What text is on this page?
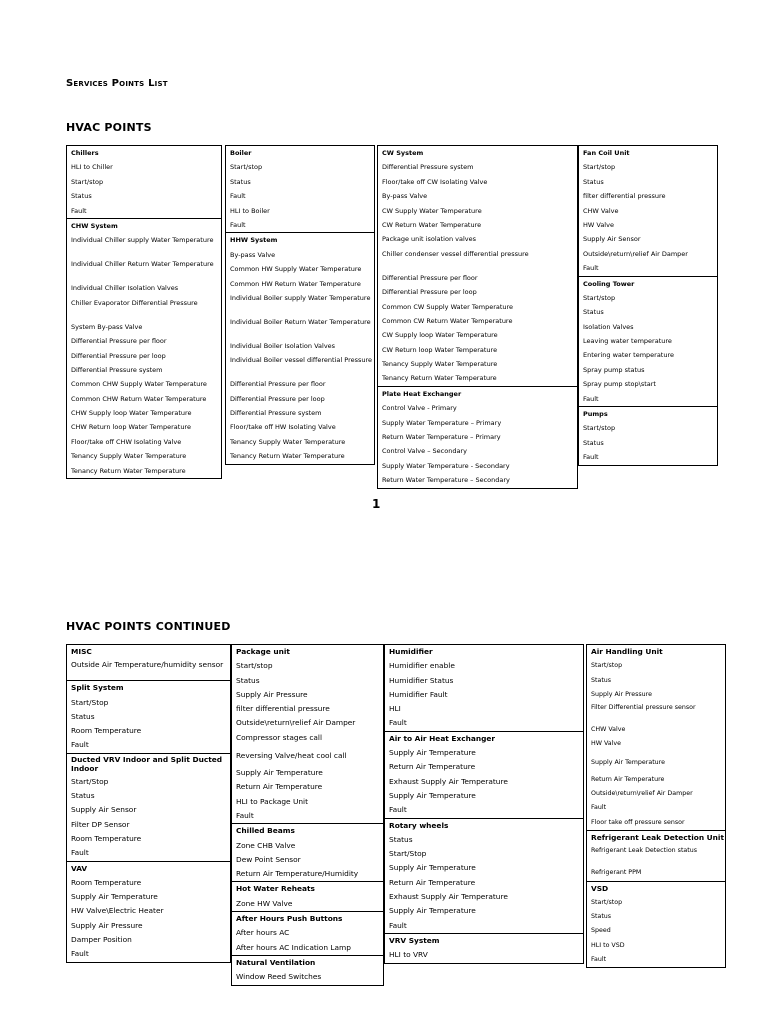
Services Points List
HVAC POINTS
Chillers
HLI to Chiller
Start/stop
Status
Fault
CHW System
Individual Chiller supply Water Temperature
Individual Chiller Return Water Temperature
Individual Chiller Isolation Valves
Chiller Evaporator Differential Pressure
System By-pass Valve
Differential Pressure per floor
Differential Pressure per loop
Differential Pressure system
Common CHW Supply Water Temperature
Common CHW Return Water Temperature
CHW Supply loop Water Temperature
CHW Return loop Water Temperature
Floor/take off CHW Isolating Valve
Tenancy Supply Water Temperature
Tenancy Return Water Temperature
Boiler
Start/stop
Status
Fault
HLI to Boiler
Fault
HHW System
By-pass Valve
Common HW Supply Water Temperature
Common HW Return Water Temperature
Individual Boiler supply Water Temperature
Individual Boiler Return Water Temperature
Individual Boiler Isolation Valves
Individual Boiler vessel differential Pressure
Differential Pressure per floor
Differential Pressure per loop
Differential Pressure system
Floor/take off HW Isolating Valve
Tenancy Supply Water Temperature
Tenancy Return Water Temperature
CW System
Differential Pressure system
Floor/take off CW Isolating Valve
By-pass Valve
CW Supply Water Temperature
CW Return Water Temperature
Package unit isolation valves
Chiller condenser vessel differential pressure
Differential Pressure per floor
Differential Pressure per loop
Common CW Supply Water Temperature
Common CW Return Water Temperature
CW Supply loop Water Temperature
CW Return loop Water Temperature
Tenancy Supply Water Temperature
Tenancy Return Water Temperature
Plate Heat Exchanger
Control Valve - Primary
Supply Water Temperature – Primary
Return Water Temperature – Primary
Control Valve – Secondary
Supply Water Temperature - Secondary
Return Water Temperature – Secondary
Fan Coil Unit
Start/stop
Status
filter differential pressure
CHW Valve
HW Valve
Supply Air Sensor
Outside\return\relief Air Damper
Fault
Cooling Tower
Start/stop
Status
Isolation Valves
Leaving water temperature
Entering water temperature
Spray pump status
Spray pump stop\start
Fault
Pumps
Start/stop
Status
Fault
1
HVAC POINTS CONTINUED
MISC
Outside Air Temperature/humidity sensor
Split System
Start/Stop
Status
Room Temperature
Fault
Ducted VRV Indoor and Split Ducted Indoor
Start/Stop
Status
Supply Air Sensor
Filter DP Sensor
Room Temperature
Fault
VAV
Room Temperature
Supply Air Temperature
HW Valve\Electric Heater
Supply Air Pressure
Damper Position
Fault
Package unit
Start/stop
Status
Supply Air Pressure
filter differential pressure
Outside\return\relief Air Damper
Compressor stages call
Reversing Valve/heat cool call
Supply Air Temperature
Return Air Temperature
HLI to Package Unit
Fault
Chilled Beams
Zone CHB Valve
Dew Point Sensor
Return Air Temperature/Humidity
Hot Water Reheats
Zone HW Valve
After Hours Push Buttons
After hours AC
After hours AC Indication Lamp
Natural Ventilation
Window Reed Switches
Humidifier
Humidifier enable
Humidifier Status
Humidifier Fault
HLI
Fault
Air to Air Heat Exchanger
Supply Air Temperature
Return Air Temperature
Exhaust Supply Air Temperature
Supply Air Temperature
Fault
Rotary wheels
Status
Start/Stop
Supply Air Temperature
Return Air Temperature
Exhaust Supply Air Temperature
Supply Air Temperature
Fault
VRV System
HLI to VRV
Air Handling Unit
Start/stop
Status
Supply Air Pressure
Filter Differential pressure sensor
CHW Valve
HW Valve
Supply Air Temperature
Return Air Temperature
Outside\return\relief Air Damper
Fault
Floor take off pressure sensor
Refrigerant Leak Detection Unit
Refrigerant Leak Detection status
Refrigerant PPM
VSD
Start/stop
Status
Speed
HLI to VSD
Fault
